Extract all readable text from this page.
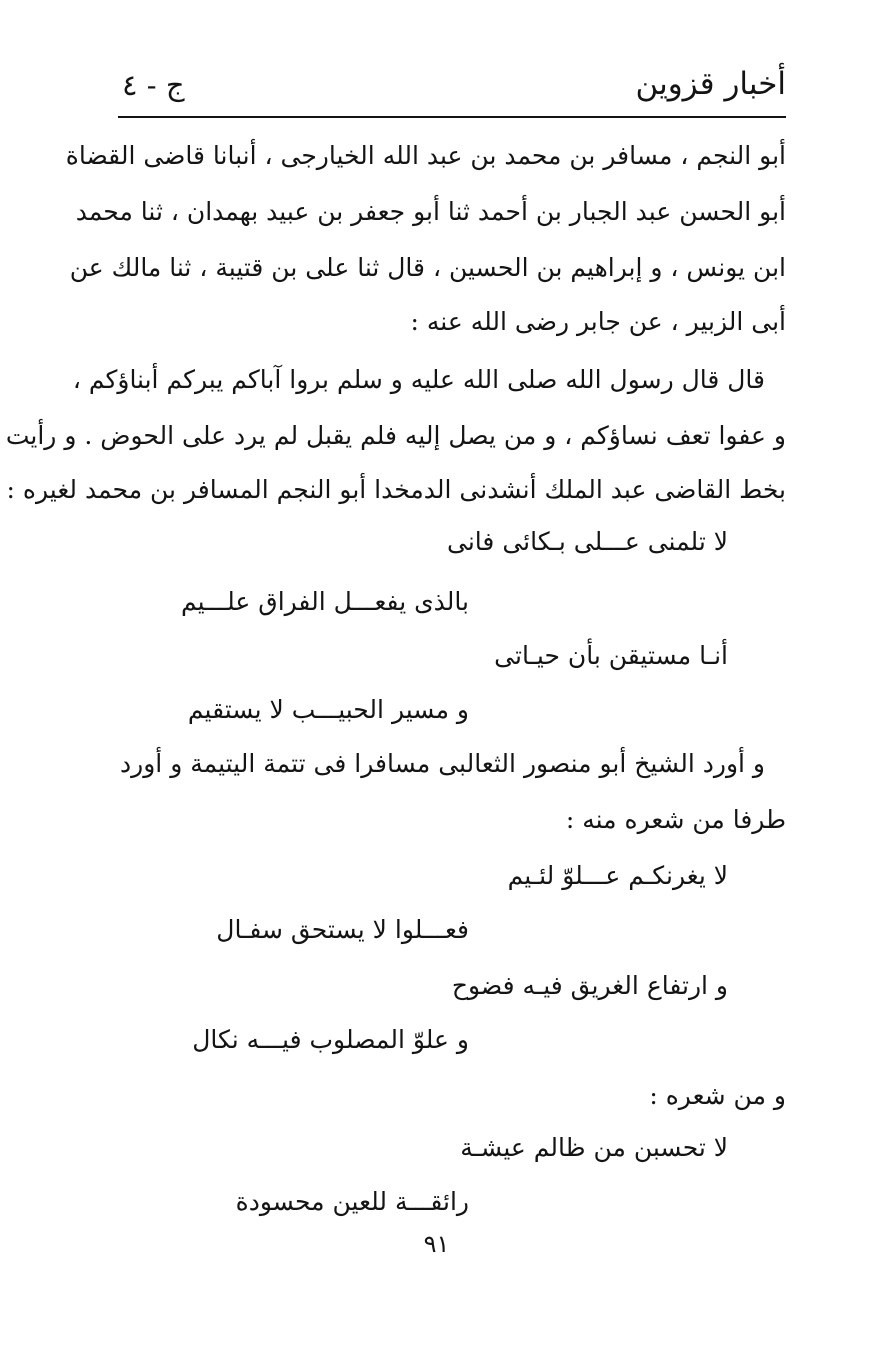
أخبار قزوين
ج - ٤
أبو النجم ، مسافر بن محمد بن عبد الله الخيارجى ، أنبانا قاضى القضاة
أبو الحسن عبد الجبار بن أحمد ثنا أبو جعفر بن عبيد بهمدان ، ثنا محمد
ابن يونس ، و إبراهيم بن الحسين ، قال ثنا على بن قتيبة ، ثنا مالك عن
أبى الزبير ، عن جابر رضى الله عنه :
قال قال رسول الله صلى الله عليه و سلم بروا آباكم يبركم أبناؤكم ،
و عفوا تعف نساؤكم ، و من يصل إليه فلم يقبل لم يرد على الحوض . و رأيت
بخط القاضى عبد الملك أنشدنى الدمخدا أبو النجم المسافر بن محمد لغيره :
لا تلمنى عـــلى بـكائى فانى
بالذى يفعـــل الفراق علـــيم
أنـا مستيقن بأن حيـاتى
و مسير الحبيـــب لا يستقيم
و أورد الشيخ أبو منصور الثعالبى مسافرا فى تتمة اليتيمة و أورد
طرفا من شعره منه :
لا يغرنكـم عـــلوّ لئـيم
فعـــلوا لا يستحق سفـال
و ارتفاع الغريق فيـه فضوح
و علوّ المصلوب فيـــه نكال
و من شعره :
لا تحسبن من ظالم عيشـة
رائقـــة للعين محسودة
٩١
